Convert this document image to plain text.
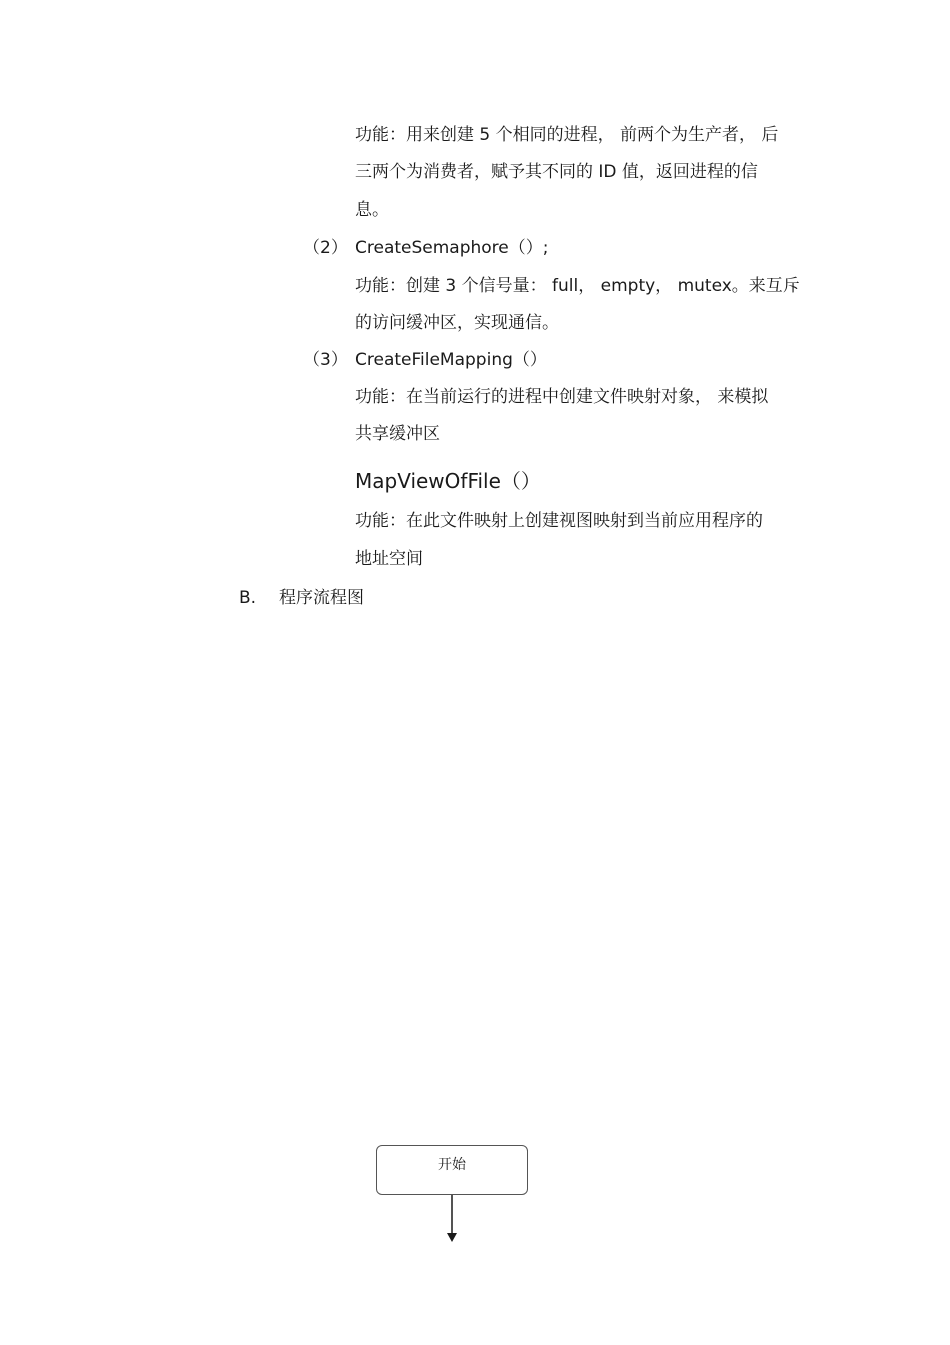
功能：用来创建 5 个相同的进程， 前两个为生产者， 后
三两个为消费者，赋予其不同的 ID 值，返回进程的信
息。
（2） CreateSemaphore（）;
功能：创建 3 个信号量： full， empty， mutex。来互斥
的访问缓冲区，实现通信。
（3） CreateFileMapping（）
功能：在当前运行的进程中创建文件映射对象， 来模拟
共享缓冲区
MapViewOfFile（）
功能：在此文件映射上创建视图映射到当前应用程序的
地址空间
B. 程序流程图
开始
